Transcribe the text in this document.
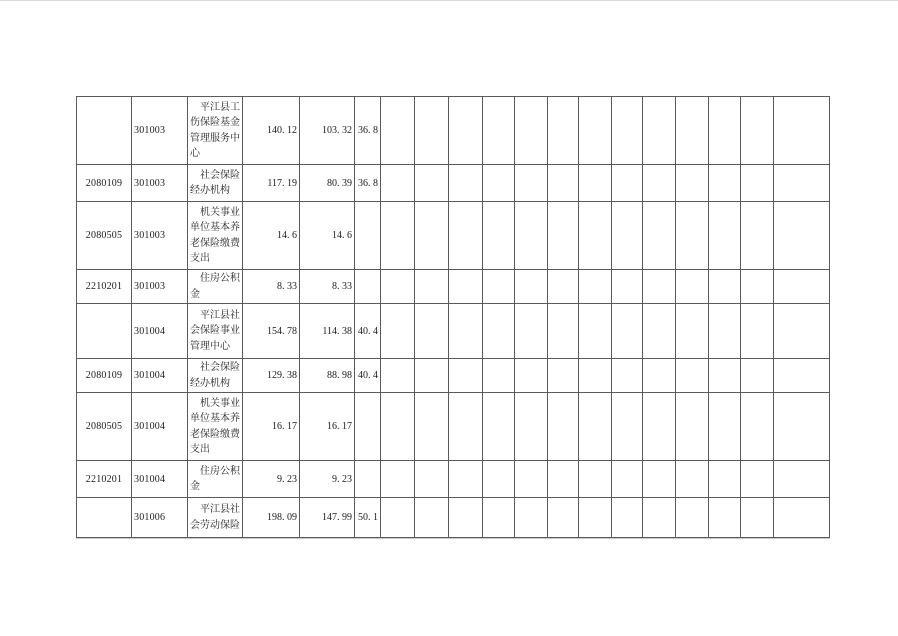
	301003	平江县工伤保险基金管理服务中心	140. 12	103. 32	36. 8													
2080109	301003	社会保险经办机构	117. 19	80. 39	36. 8													
2080505	301003	机关事业单位基本养老保险缴费支出	14. 6	14. 6														
2210201	301003	住房公积金	8. 33	8. 33														
	301004	平江县社会保险事业管理中心	154. 78	114. 38	40. 4													
2080109	301004	社会保险经办机构	129. 38	88. 98	40. 4													
2080505	301004	机关事业单位基本养老保险缴费支出	16. 17	16. 17														
2210201	301004	住房公积金	9. 23	9. 23														
	301006	平江县社会劳动保险	198. 09	147. 99	50. 1													
